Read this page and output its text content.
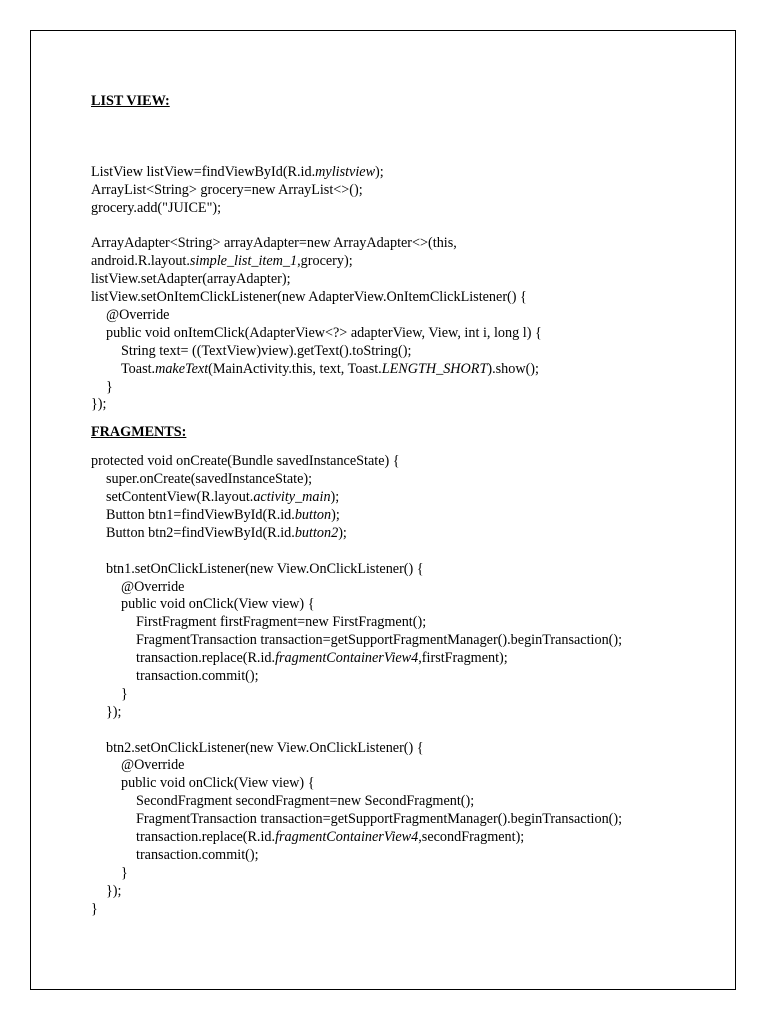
LIST VIEW:

ListView listView=findViewById(R.id.mylistview);
ArrayList<String> grocery=new ArrayList<>();
grocery.add("JUICE");
ArrayAdapter<String> arrayAdapter=new ArrayAdapter<>(this,
android.R.layout.simple_list_item_1,grocery);
listView.setAdapter(arrayAdapter);
listView.setOnItemClickListener(new AdapterView.OnItemClickListener() {
@Override
public void onItemClick(AdapterView<?> adapterView, View, int i, long l) {
String text= ((TextView)view).getText().toString();
Toast.makeText(MainActivity.this, text, Toast.LENGTH_SHORT).show();
}
});

FRAGMENTS:

protected void onCreate(Bundle savedInstanceState) {
super.onCreate(savedInstanceState);
setContentView(R.layout.activity_main);
Button btn1=findViewById(R.id.button);
Button btn2=findViewById(R.id.button2);
btn1.setOnClickListener(new View.OnClickListener() {
@Override
public void onClick(View view) {
FirstFragment firstFragment=new FirstFragment();
FragmentTransaction transaction=getSupportFragmentManager().beginTransaction();
transaction.replace(R.id.fragmentContainerView4,firstFragment);
transaction.commit();
}
});
btn2.setOnClickListener(new View.OnClickListener() {
@Override
public void onClick(View view) {
SecondFragment secondFragment=new SecondFragment();
FragmentTransaction transaction=getSupportFragmentManager().beginTransaction();
transaction.replace(R.id.fragmentContainerView4,secondFragment);
transaction.commit();
}
});
}
